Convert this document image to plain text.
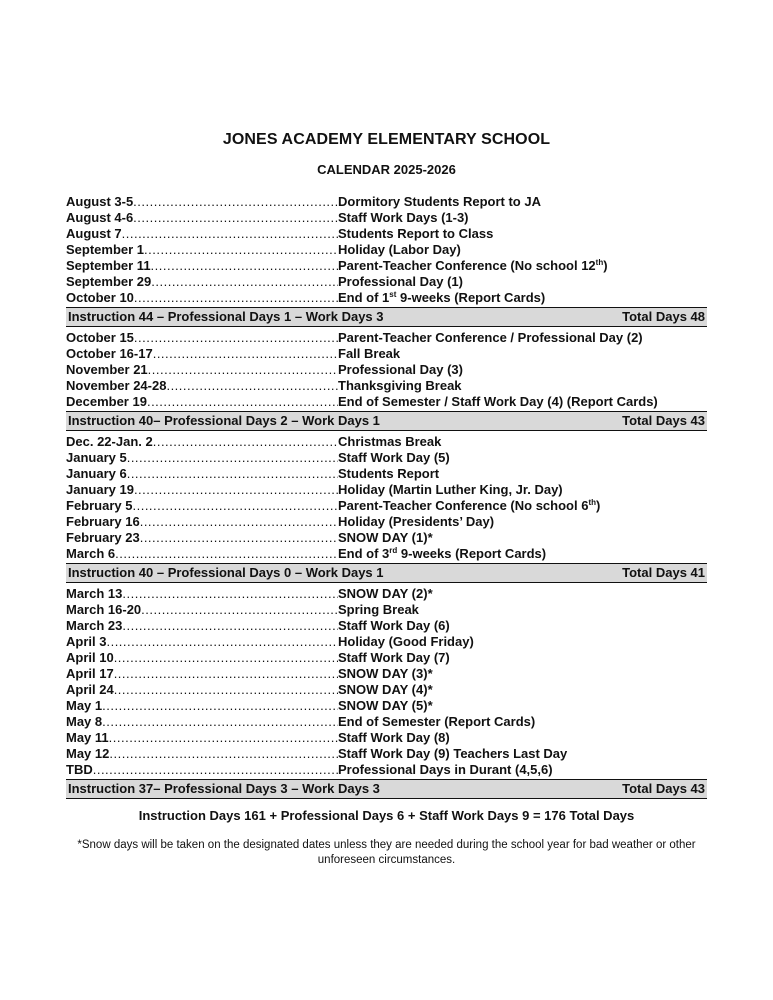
JONES ACADEMY ELEMENTARY SCHOOL
CALENDAR 2025-2026
August 3-5 .....	Dormitory Students Report to JA
August 4-6 .....	Staff Work Days (1-3)
August 7 .....	Students Report to Class
September 1 .....	Holiday (Labor Day)
September 11 .....	Parent-Teacher Conference (No school 12th)
September 29 .....	Professional Day (1)
October 10 .....	End of 1st 9-weeks (Report Cards)
Instruction 44 – Professional Days 1 – Work Days 3	Total Days 48
October 15 .....	Parent-Teacher Conference / Professional Day (2)
October 16-17 .....	Fall Break
November 21 .....	Professional Day (3)
November 24-28 .....	Thanksgiving Break
December 19 .....	End of Semester / Staff Work Day (4) (Report Cards)
Instruction 40– Professional Days 2 – Work Days 1	Total Days 43
Dec. 22-Jan. 2 .....	Christmas Break
January 5 .....	Staff Work Day (5)
January 6 .....	Students Report
January 19 .....	Holiday (Martin Luther King, Jr. Day)
February 5 .....	Parent-Teacher Conference (No school 6th)
February 16 .....	Holiday (Presidents’ Day)
February 23 .....	SNOW DAY (1)*
March 6 .....	End of 3rd 9-weeks (Report Cards)
Instruction 40 – Professional Days 0 – Work Days 1	Total Days 41
March 13 .....	SNOW DAY (2)*
March 16-20 .....	Spring Break
March 23 .....	Staff Work Day (6)
April 3 .....	Holiday (Good Friday)
April 10 .....	Staff Work Day (7)
April 17 .....	SNOW DAY (3)*
April 24 .....	SNOW DAY (4)*
May 1 .....	SNOW DAY (5)*
May 8 .....	End of Semester (Report Cards)
May 11 .....	Staff Work Day (8)
May 12 .....	Staff Work Day (9) Teachers Last Day
TBD .....	Professional Days in Durant (4,5,6)
Instruction 37– Professional Days 3 – Work Days 3	Total Days 43
Instruction Days 161 + Professional Days 6 + Staff Work Days 9 = 176 Total Days
*Snow days will be taken on the designated dates unless they are needed during the school year for bad weather or other unforeseen circumstances.
